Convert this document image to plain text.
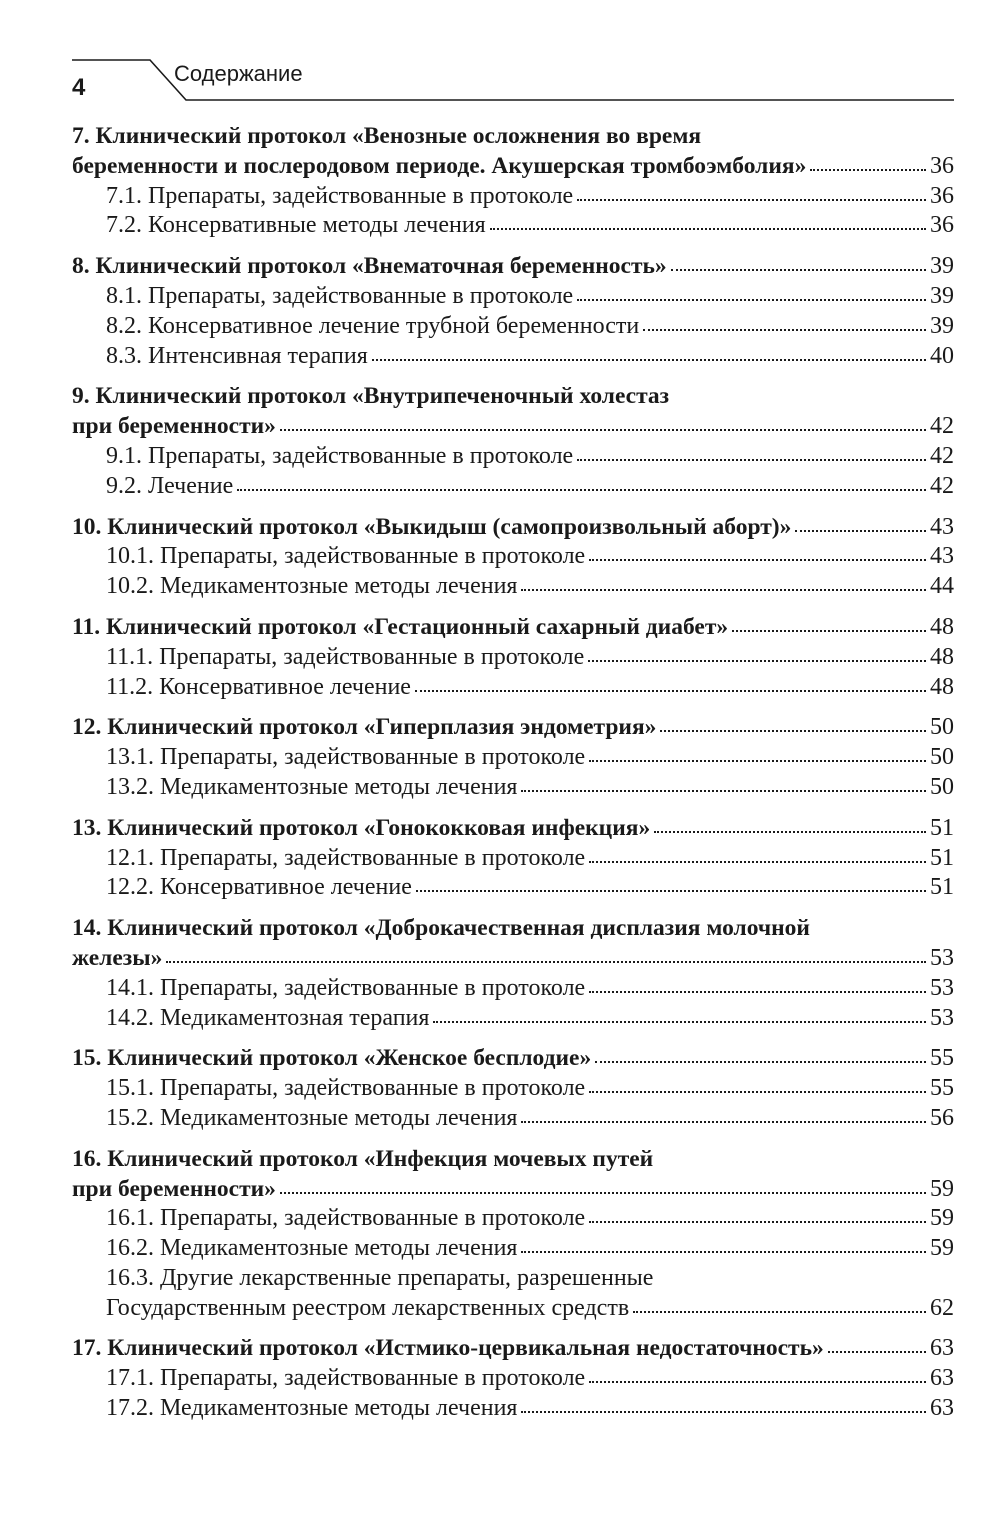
4
Содержание
7. Клинический протокол «Венозные осложнения во время
беременности и послеродовом периоде. Акушерская тромбоэмболия»	36
7.1. Препараты, задействованные в протоколе	36
7.2. Консервативные методы лечения	36
8. Клинический протокол «Внематочная беременность»	39
8.1. Препараты, задействованные в протоколе	39
8.2. Консервативное лечение трубной беременности	39
8.3. Интенсивная терапия	40
9. Клинический протокол «Внутрипеченочный холестаз
при беременности»	42
9.1. Препараты, задействованные в протоколе	42
9.2. Лечение	42
10. Клинический протокол «Выкидыш (самопроизвольный аборт)»	43
10.1. Препараты, задействованные в протоколе	43
10.2. Медикаментозные методы лечения	44
11. Клинический протокол «Гестационный сахарный диабет»	48
11.1. Препараты, задействованные в протоколе	48
11.2. Консервативное лечение	48
12. Клинический протокол «Гиперплазия эндометрия»	50
13.1. Препараты, задействованные в протоколе	50
13.2. Медикаментозные методы лечения	50
13. Клинический протокол «Гонококковая инфекция»	51
12.1. Препараты, задействованные в протоколе	51
12.2. Консервативное лечение	51
14. Клинический протокол «Доброкачественная дисплазия молочной
железы»	53
14.1. Препараты, задействованные в протоколе	53
14.2. Медикаментозная терапия	53
15. Клинический протокол «Женское бесплодие»	55
15.1. Препараты, задействованные в протоколе	55
15.2. Медикаментозные методы лечения	56
16. Клинический протокол «Инфекция мочевых путей
при беременности»	59
16.1. Препараты, задействованные в протоколе	59
16.2. Медикаментозные методы лечения	59
16.3. Другие лекарственные препараты, разрешенные
Государственным реестром лекарственных средств	62
17. Клинический протокол «Истмико-цервикальная недостаточность»	63
17.1. Препараты, задействованные в протоколе	63
17.2. Медикаментозные методы лечения	63
